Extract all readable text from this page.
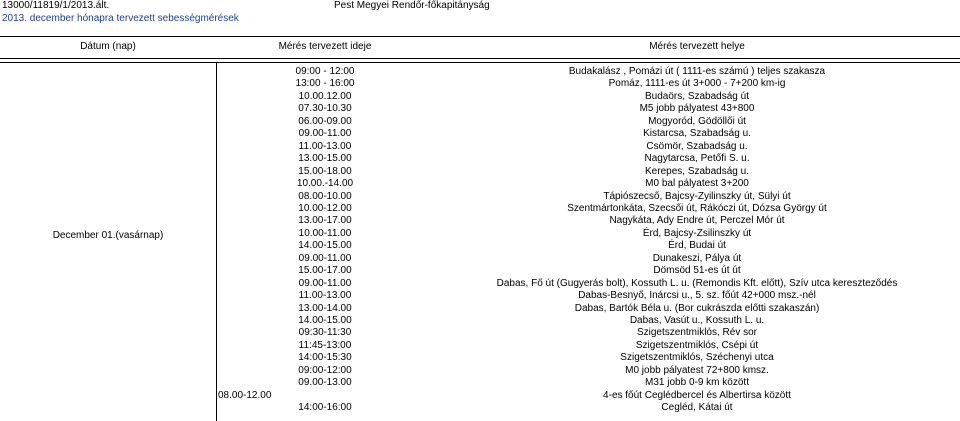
13000/11819/1/2013.ált.	Pest Megyei Rendőr-főkapitányság
2013. december hónapra tervezett sebességmérések
Dátum (nap)	Mérés tervezett ideje	Mérés tervezett helye
December 01.(vasárnap)
09:00 - 12:00	Budakalász , Pomázi út ( 1111-es számú ) teljes szakasza
13:00 - 16:00	Pomáz, 1111-es út 3+000 - 7+200 km-ig
10.00.12.00	Budaörs, Szabadság út
07.30-10.30	M5 jobb pályatest 43+800
06.00-09.00	Mogyoród, Gödöllői út
09.00-11.00	Kistarcsa, Szabadság u.
11.00-13.00	Csömör, Szabadság u.
13.00-15.00	Nagytarcsa, Petőfi S. u.
15.00-18.00	Kerepes, Szabadság u.
10.00.-14.00	M0 bal pályatest 3+200
08.00-10.00	Tápiószecső, Bajcsy-Zyilinszky út, Sülyi út
10.00-12.00	Szentmártonkáta, Szecsői út, Rákóczi út, Dózsa György út
13.00-17.00	Nagykáta, Ady Endre út, Perczel Mór út
10.00-11.00	Érd, Bajcsy-Zsilinszky út
14.00-15.00	Érd, Budai út
09.00-11.00	Dunakeszi, Pálya út
15.00-17.00	Dömsöd 51-es út út
09.00-11.00	Dabas, Fő út (Gugyerás bolt), Kossuth L. u. (Remondis Kft. előtt), Szív utca kereszteződés
11.00-13.00	Dabas-Besnyő, Inárcsi u., 5. sz. főút 42+000 msz.-nél
13.00-14.00	Dabas, Bartók Béla u. (Bor cukrászda előtti szakaszán)
14.00-15.00	Dabas, Vasút u., Kossuth L. u.
09:30-11:30	Szigetszentmiklós, Rév sor
11:45-13:00	Szigetszentmiklós, Csépi út
14:00-15:30	Szigetszentmiklós, Széchenyi utca
09:00-12:00	M0 jobb pályatest 72+800 kmsz.
09.00-13.00	M31 jobb 0-9 km között
08.00-12.00	4-es főút Ceglédbercel és Albertirsa között
14:00-16:00	Cegléd, Kátai út
